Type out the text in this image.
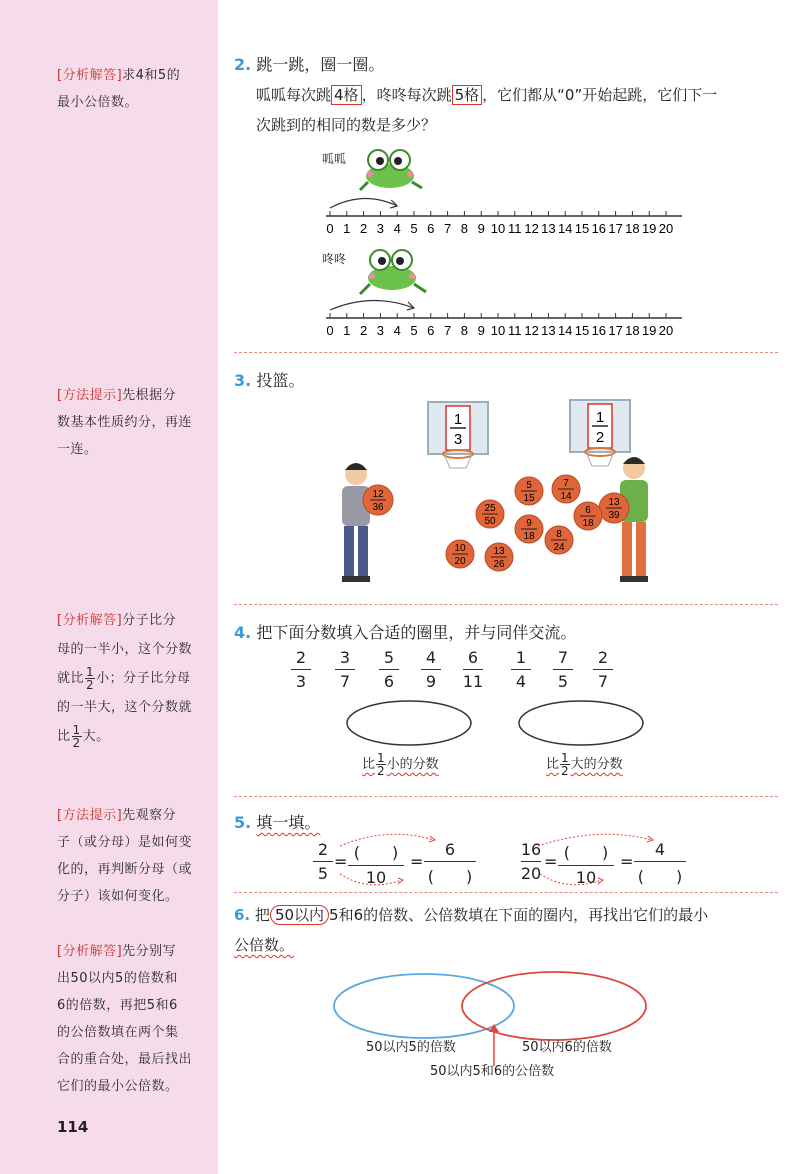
[分析解答]求4和5的
最小公倍数。
[方法提示]先根据分
数基本性质约分，再连
一连。
[分析解答]分子比分
母的一半小，这个分数
就比 $\frac{1}{2}$ 小；分子比分母
的一半大，这个分数就
比 $\frac{1}{2}$ 大。
[方法提示]先观察分
子（或分母）是如何变
化的，再判断分母（或
分子）该如何变化。
[分析解答]先分别写
出50以内5的倍数和
6的倍数，再把5和6
的公倍数填在两个集
合的重合处，最后找出
它们的最小公倍数。
114
2. 跳一跳，圈一圈。
呱呱每次跳 4格 ，咚咚每次跳 5格 ，它们都从“0”开始起跳，它们下一
次跳到的相同的数是多少？
呱呱
0 1 2 3 4 5 6 7 8 9 10 11 12 13 14 15 16 17 18 19 20
咚咚
0 1 2 3 4 5 6 7 8 9 10 11 12 13 14 15 16 17 18 19 20
3. 投篮。
1
3
1
2
12
36	13
39
5
15
7
14
25
50
6
18
9
18 8
24
10
20
13
26
4. 把下面分数填入合适的圈里，并与同伴交流。
2
3
3
7
5
6
4
9
6
11
1
4
7
5
2
7
比 $\frac{1}{2}$ 小的分数	比 $\frac{1}{2}$ 大的分数
5. 填一填。
2
5
= (　　)
10
=
6
(　　)
16
20
= (　　)
10
=
4
(　　)
6. 把 50以内 5和6的倍数、公倍数填在下面的圈内，再找出它们的最小
公倍数。
50以内5的倍数	50以内6的倍数
50以内5和6的公倍数
